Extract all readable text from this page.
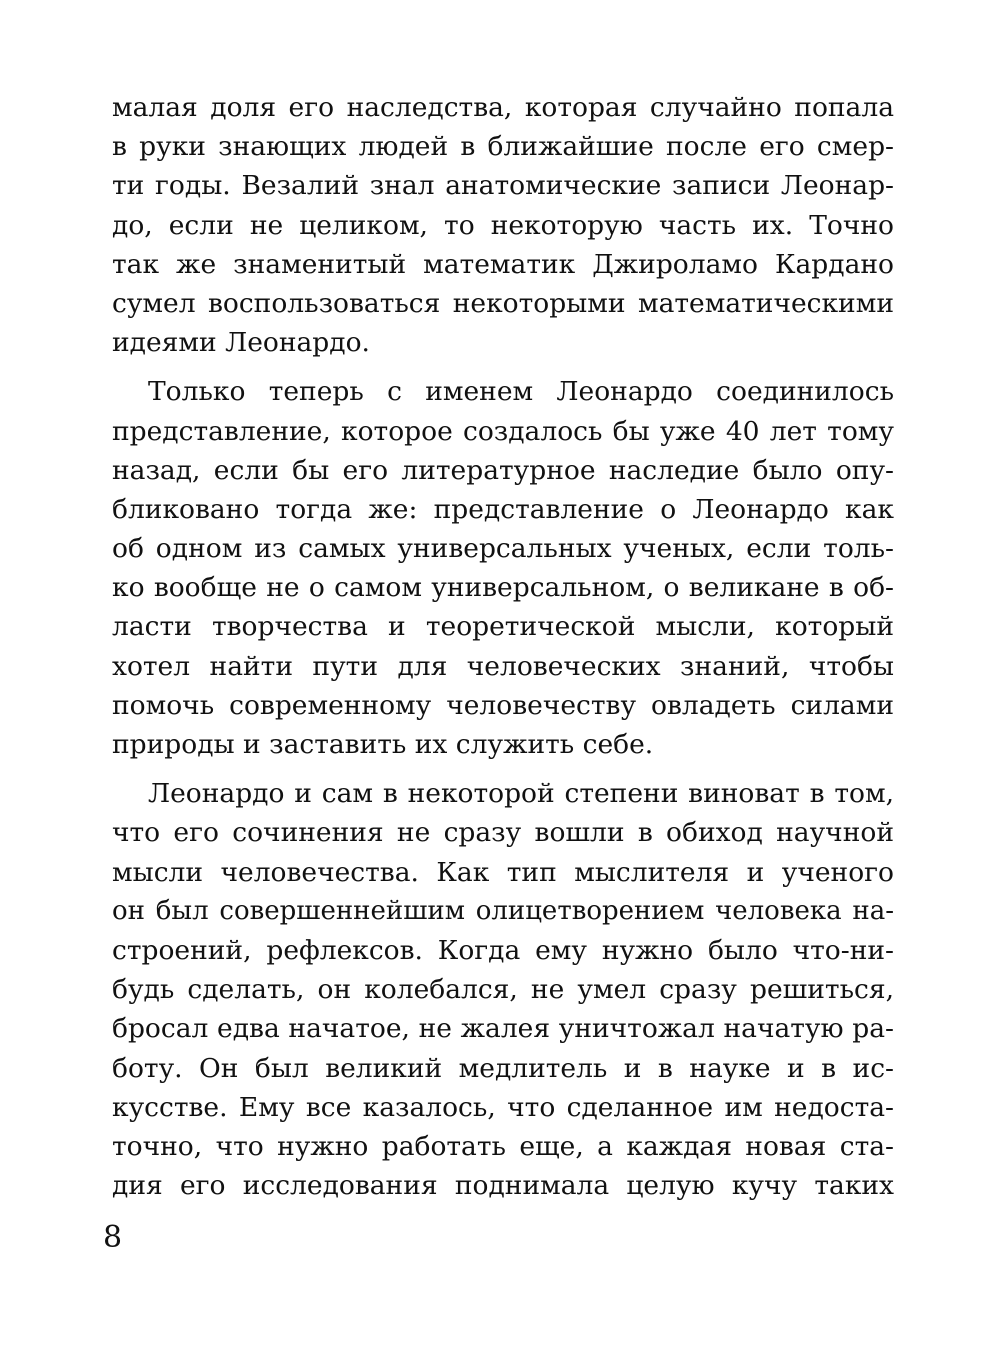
малая доля его наследства, которая случайно попала
в руки знающих людей в ближайшие после его смер-
ти годы. Везалий знал анатомические записи Леонар-
до, если не целиком, то некоторую часть их. Точно
так же знаменитый математик Джироламо Кардано
сумел воспользоваться некоторыми математическими
идеями Леонардо.
Только теперь с именем Леонардо соединилось
представление, которое создалось бы уже 40 лет тому
назад, если бы его литературное наследие было опу-
бликовано тогда же: представление о Леонардо как
об одном из самых универсальных ученых, если толь-
ко вообще не о самом универсальном, о великане в об-
ласти творчества и теоретической мысли, который
хотел найти пути для человеческих знаний, чтобы
помочь современному человечеству овладеть силами
природы и заставить их служить себе.
Леонардо и сам в некоторой степени виноват в том,
что его сочинения не сразу вошли в обиход научной
мысли человечества. Как тип мыслителя и ученого
он был совершеннейшим олицетворением человека на-
строений, рефлексов. Когда ему нужно было что-ни-
будь сделать, он колебался, не умел сразу решиться,
бросал едва начатое, не жалея уничтожал начатую ра-
боту. Он был великий медлитель и в науке и в ис-
кусстве. Ему все казалось, что сделанное им недоста-
точно, что нужно работать еще, а каждая новая ста-
дия его исследования поднимала целую кучу таких
8
